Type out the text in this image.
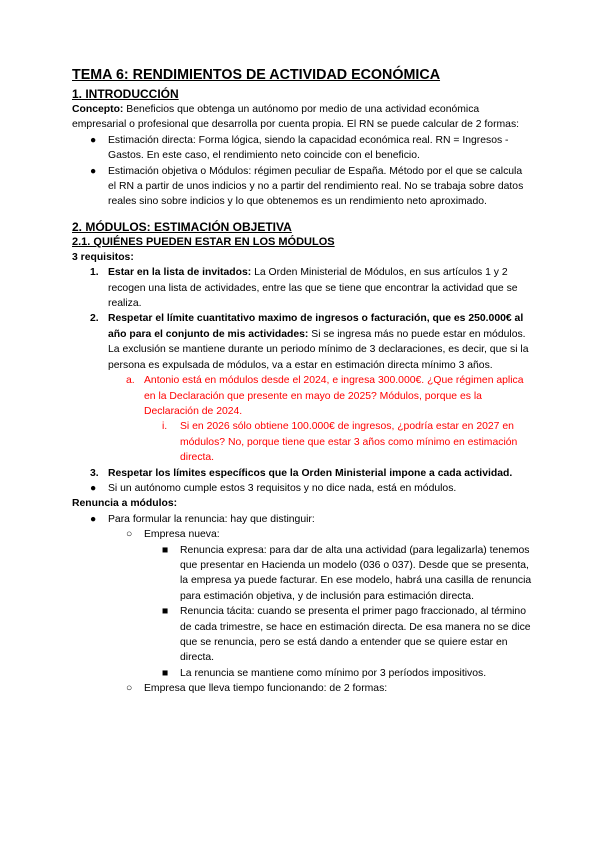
TEMA 6: RENDIMIENTOS DE ACTIVIDAD ECONÓMICA
1. INTRODUCCIÓN

Concepto: Beneficios que obtenga un autónomo por medio de una actividad económica empresarial o profesional que desarrolla por cuenta propia. El RN se puede calcular de 2 formas:

● Estimación directa: Forma lógica, siendo la capacidad económica real. RN = Ingresos - Gastos. En este caso, el rendimiento neto coincide con el beneficio.
● Estimación objetiva o Módulos: régimen peculiar de España. Método por el que se calcula el RN a partir de unos indicios y no a partir del rendimiento real. No se trabaja sobre datos reales sino sobre indicios y lo que obtenemos es un rendimiento neto aproximado.
2. MÓDULOS: ESTIMACIÓN OBJETIVA
2.1. QUIÉNES PUEDEN ESTAR EN LOS MÓDULOS

3 requisitos:

1. Estar en la lista de invitados: La Orden Ministerial de Módulos, en sus artículos 1 y 2 recogen una lista de actividades, entre las que se tiene que encontrar la actividad que se realiza.
2. Respetar el límite cuantitativo maximo de ingresos o facturación, que es 250.000€ al año para el conjunto de mis actividades: Si se ingresa más no puede estar en módulos. La exclusión se mantiene durante un periodo mínimo de 3 declaraciones, es decir, que si la persona es expulsada de módulos, va a estar en estimación directa mínimo 3 años.
a. Antonio está en módulos desde el 2024, e ingresa 300.000€. ¿Que régimen aplica en la Declaración que presente en mayo de 2025? Módulos, porque es la Declaración de 2024.
i. Si en 2026 sólo obtiene 100.000€ de ingresos, ¿podría estar en 2027 en módulos? No, porque tiene que estar 3 años como mínimo en estimación directa.
3. Respetar los límites específicos que la Orden Ministerial impone a cada actividad.
● Si un autónomo cumple estos 3 requisitos y no dice nada, está en módulos.

Renuncia a módulos:

● Para formular la renuncia: hay que distinguir:
○ Empresa nueva:
■ Renuncia expresa: para dar de alta una actividad (para legalizarla) tenemos que presentar en Hacienda un modelo (036 o 037). Desde que se presenta, la empresa ya puede facturar. En ese modelo, habrá una casilla de renuncia para estimación objetiva, y de inclusión para estimación directa.
■ Renuncia tácita: cuando se presenta el primer pago fraccionado, al término de cada trimestre, se hace en estimación directa. De esa manera no se dice que se renuncia, pero se está dando a entender que se quiere estar en directa.
■ La renuncia se mantiene como mínimo por 3 períodos impositivos.
○ Empresa que lleva tiempo funcionando: de 2 formas:
